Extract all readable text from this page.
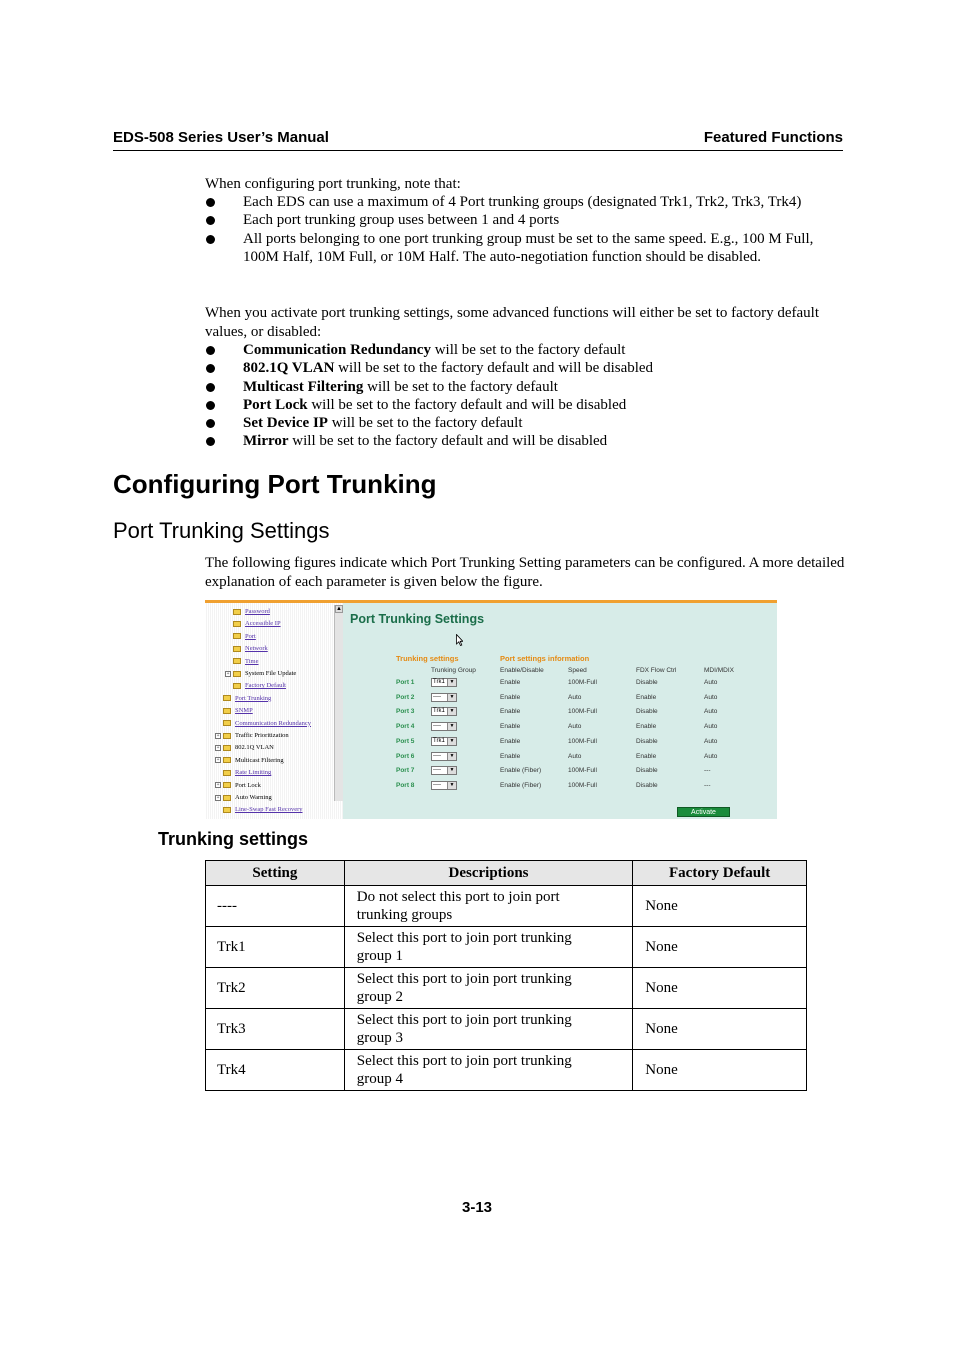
EDS-508 Series User’s Manual	Featured Functions
When configuring port trunking, note that:
Each EDS can use a maximum of 4 Port trunking groups (designated Trk1, Trk2, Trk3, Trk4)
Each port trunking group uses between 1 and 4 ports
All ports belonging to one port trunking group must be set to the same speed. E.g., 100 M Full, 100M Half, 10M Full, or 10M Half. The auto-negotiation function should be disabled.
When you activate port trunking settings, some advanced functions will either be set to factory default values, or disabled:
Communication Redundancy will be set to the factory default
802.1Q VLAN will be set to the factory default and will be disabled
Multicast Filtering will be set to the factory default
Port Lock will be set to the factory default and will be disabled
Set Device IP will be set to the factory default
Mirror will be set to the factory default and will be disabled
Configuring Port Trunking
Port Trunking Settings
The following figures indicate which Port Trunking Setting parameters can be configured. A more detailed explanation of each parameter is given below the figure.
▲
Password
Accessible IP
Port
Network
Time
+ System File Update
Factory Default
Port Trunking
SNMP
Communication Redundancy
+ Traffic Prioritization
+ 802.1Q VLAN
+ Multicast Filtering
Rate Limiting
+ Port Lock
+ Auto Warning
Line-Swap Fast Recovery
Port Trunking Settings
Trunking settings	Port settings information
Trunking Group	Enable/Disable	Speed	FDX Flow Ctrl	MDI/MDIX
Activate
Port 1	Trk1 ▼	Enable	100M-Full	Disable	Auto
Port 2	----	▼	Enable	Auto	Enable	Auto
Port 3	Trk1 ▼	Enable	100M-Full	Disable	Auto
Port 4	----	▼	Enable	Auto	Enable	Auto
Port 5	Trk1 ▼	Enable	100M-Full	Disable	Auto
Port 6	----	▼	Enable	Auto	Enable	Auto
Port 7	----	▼	Enable (Fiber)	100M-Full	Disable	---
Port 8	----	▼	Enable (Fiber)	100M-Full	Disable	---
Trunking settings
Setting	Descriptions	Factory Default
----	Do not select this port to join port
trunking groups	None
Trk1	Select this port to join port trunking
group 1	None
Trk2	Select this port to join port trunking
group 2	None
Trk3	Select this port to join port trunking
group 3	None
Trk4	Select this port to join port trunking
group 4	None
3-13
